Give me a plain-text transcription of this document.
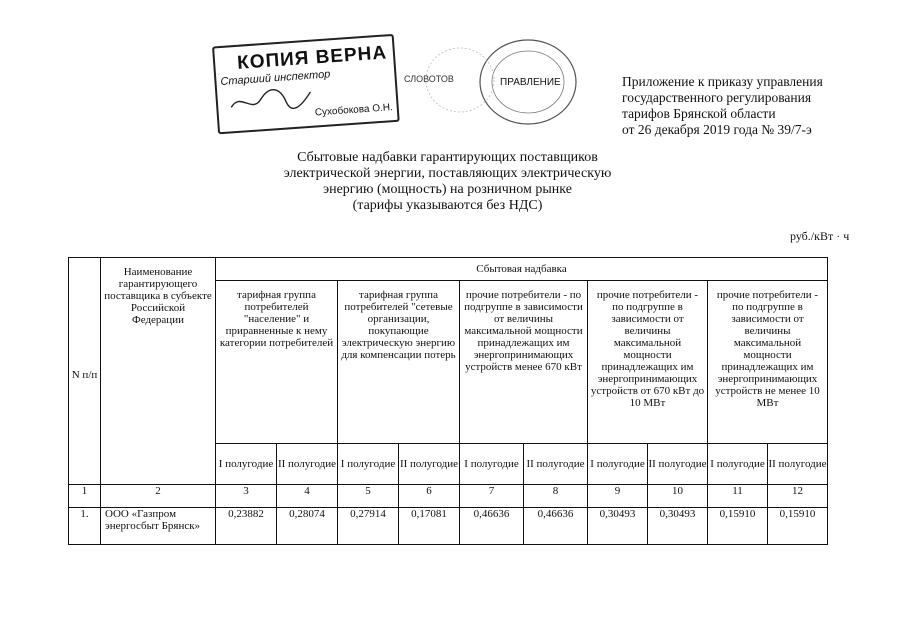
КОПИЯ ВЕРНА
Старший инспектор
Сухобокова О.Н.
ПРАВЛЕНИЕ
СЛОВОТОВ	Приложение к приказу управления
государственного регулирования
тарифов Брянской области
от 26 декабря 2019 года № 39/7-э
Сбытовые надбавки гарантирующих поставщиков
электрической энергии, поставляющих электрическую
энергию (мощность) на розничном рынке
(тарифы указываются без НДС)
руб./кВт · ч
N п/п	Наименование гарантирующего поставщика в субъекте Российской Федерации	Сбытовая надбавка									
		тарифная группа потребителей "население" и приравненные к нему категории потребителей		тарифная группа потребителей "сетевые организации, покупающие электрическую энергию для компенсации потерь		прочие потребители - по подгруппе в зависимости от величины максимальной мощности принадлежащих им энергопринимающих устройств менее 670 кВт		прочие потребители - по подгруппе в зависимости от величины максимальной мощности принадлежащих им энергопринимающих устройств от 670 кВт до 10 МВт		прочие потребители - по подгруппе в зависимости от величины максимальной мощности принадлежащих им энергопринимающих устройств не менее 10 МВт	
		I полугодие	II полугодие	I полугодие	II полугодие	I полугодие	II полугодие	I полугодие	II полугодие	I полугодие	II полугодие
1	2	3	4	5	6	7	8	9	10	11	12
1.	ООО «Газпром энергосбыт Брянск»	0,23882	0,28074	0,27914	0,17081	0,46636	0,46636	0,30493	0,30493	0,15910	0,15910
